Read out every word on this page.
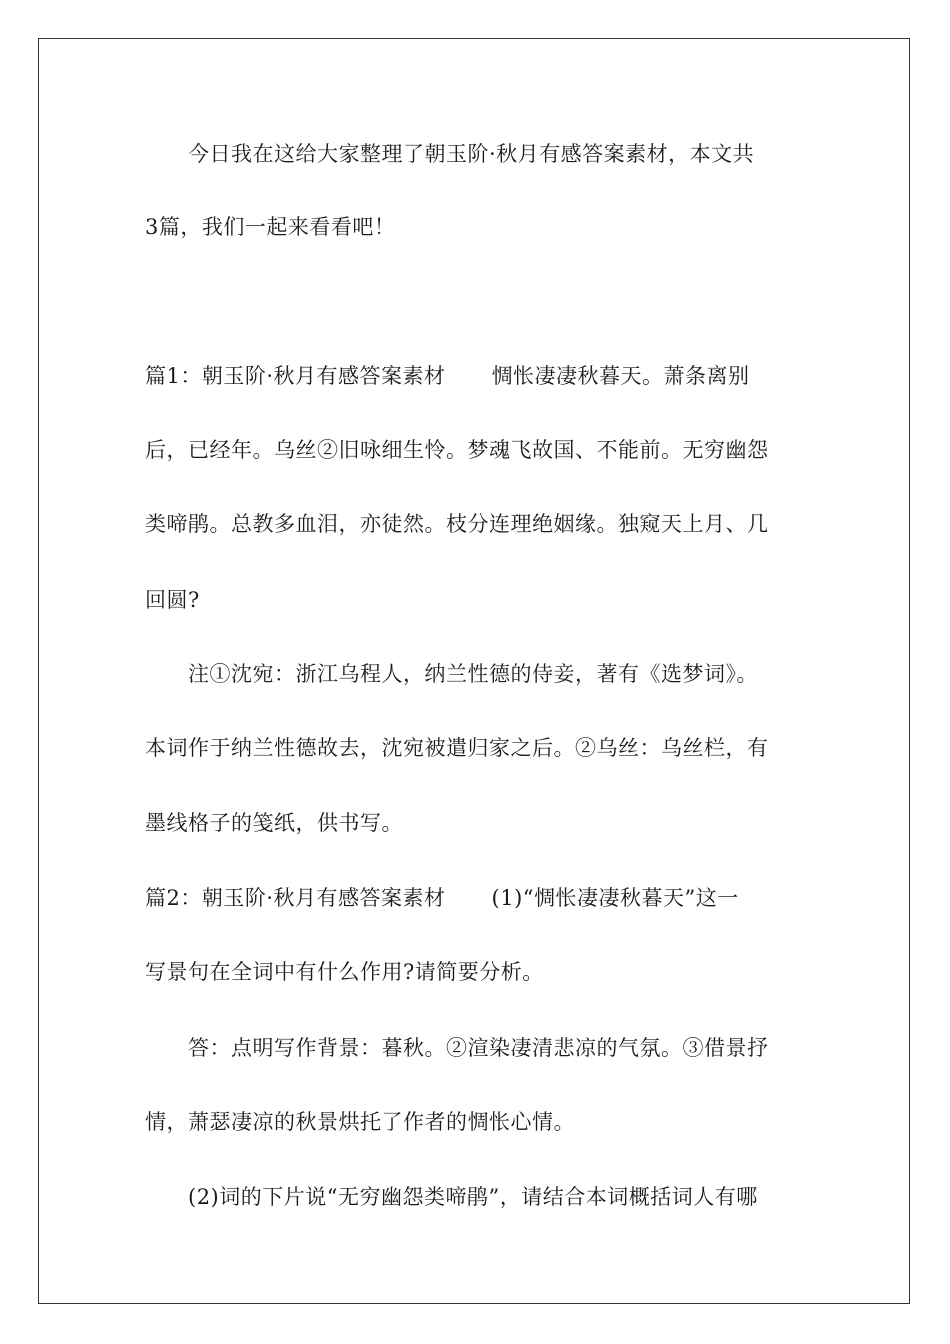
今日我在这给大家整理了朝玉阶·秋月有感答案素材，本文共
3篇，我们一起来看看吧！
篇1：朝玉阶·秋月有感答案素材 惆怅凄凄秋暮天。萧条离别
后，已经年。乌丝②旧咏细生怜。梦魂飞故国、不能前。无穷幽怨
类啼鹃。总教多血泪，亦徒然。枝分连理绝姻缘。独窥天上月、几
回圆?
注①沈宛：浙江乌程人，纳兰性德的侍妾，著有《选梦词》。
本词作于纳兰性德故去，沈宛被遣归家之后。②乌丝：乌丝栏，有
墨线格子的笺纸，供书写。
篇2：朝玉阶·秋月有感答案素材 (1)“惆怅凄凄秋暮天”这一
写景句在全词中有什么作用?请简要分析。
答：点明写作背景：暮秋。②渲染凄清悲凉的气氛。③借景抒
情，萧瑟凄凉的秋景烘托了作者的惆怅心情。
(2)词的下片说“无穷幽怨类啼鹃”，请结合本词概括词人有哪
